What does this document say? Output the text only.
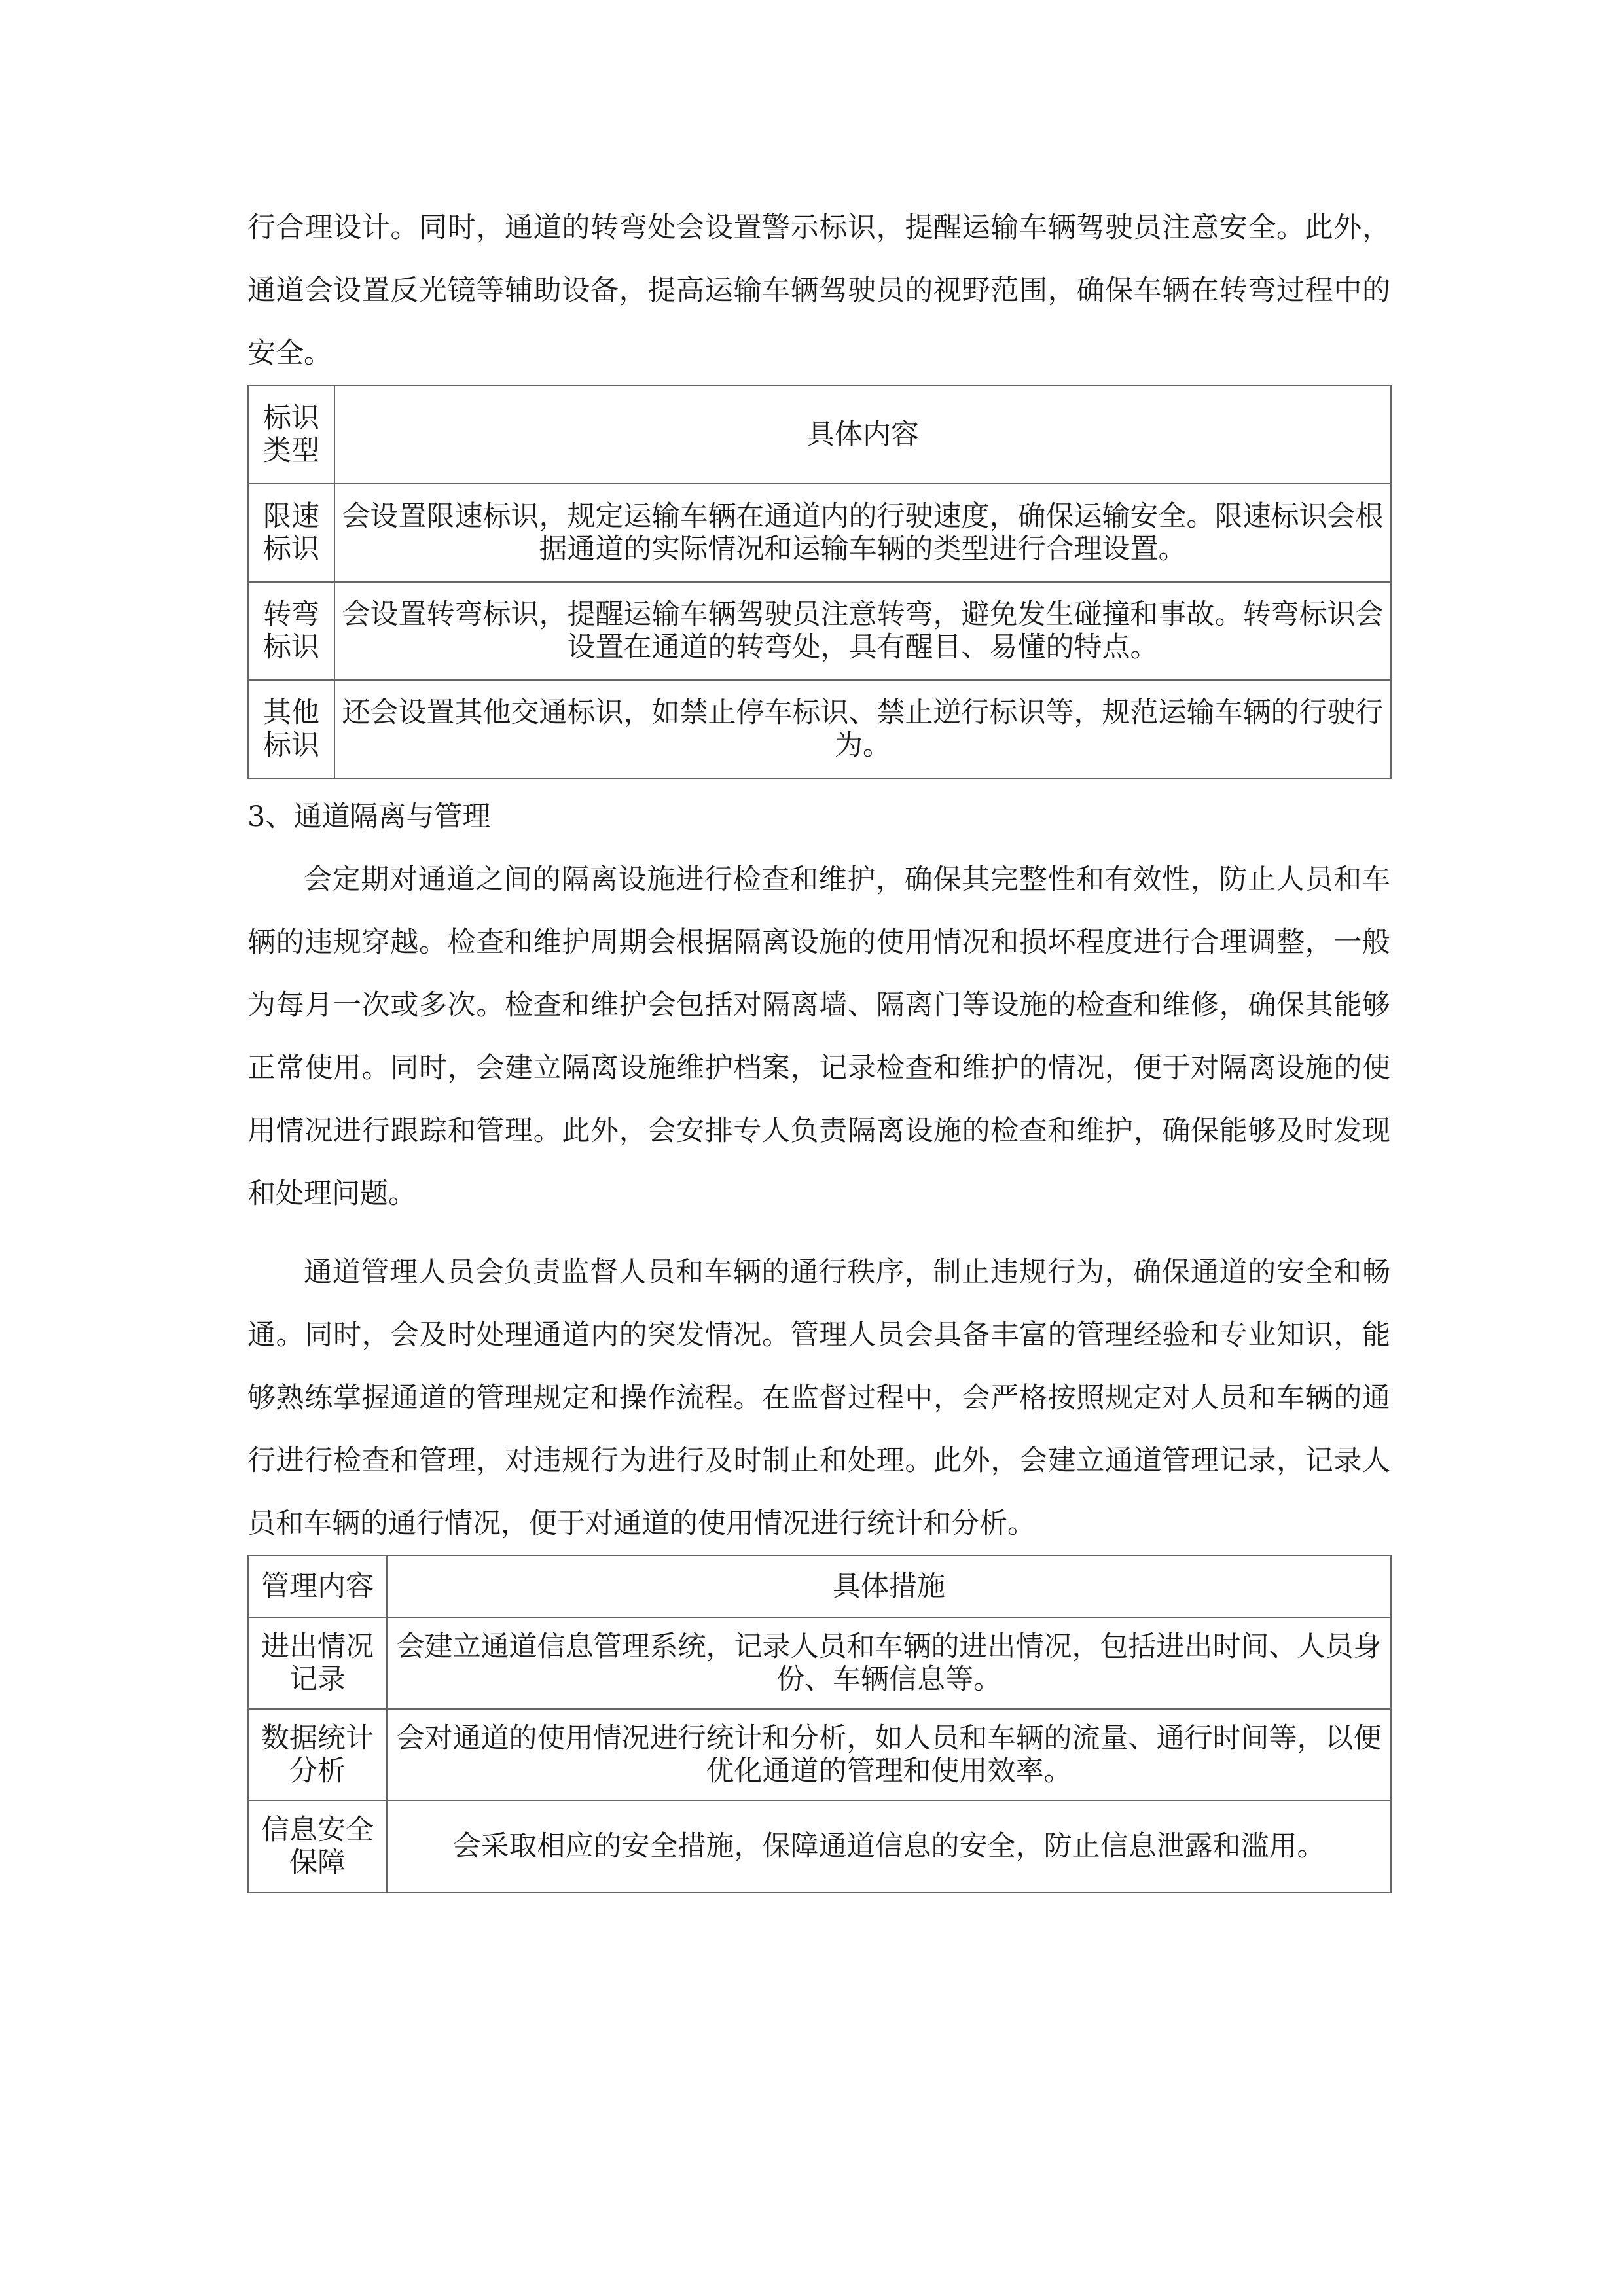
行合理设计。同时，通道的转弯处会设置警示标识，提醒运输车辆驾驶员注意安全。此外，通道会设置反光镜等辅助设备，提高运输车辆驾驶员的视野范围，确保车辆在转弯过程中的安全。

标识类型	具体内容
限速标识	会设置限速标识，规定运输车辆在通道内的行驶速度，确保运输安全。限速标识会根据通道的实际情况和运输车辆的类型进行合理设置。
转弯标识	会设置转弯标识，提醒运输车辆驾驶员注意转弯，避免发生碰撞和事故。转弯标识会设置在通道的转弯处，具有醒目、易懂的特点。
其他标识	还会设置其他交通标识，如禁止停车标识、禁止逆行标识等，规范运输车辆的行驶行为。

3、通道隔离与管理

会定期对通道之间的隔离设施进行检查和维护，确保其完整性和有效性，防止人员和车辆的违规穿越。检查和维护周期会根据隔离设施的使用情况和损坏程度进行合理调整，一般为每月一次或多次。检查和维护会包括对隔离墙、隔离门等设施的检查和维修，确保其能够正常使用。同时，会建立隔离设施维护档案，记录检查和维护的情况，便于对隔离设施的使用情况进行跟踪和管理。此外，会安排专人负责隔离设施的检查和维护，确保能够及时发现和处理问题。

通道管理人员会负责监督人员和车辆的通行秩序，制止违规行为，确保通道的安全和畅通。同时，会及时处理通道内的突发情况。管理人员会具备丰富的管理经验和专业知识，能够熟练掌握通道的管理规定和操作流程。在监督过程中，会严格按照规定对人员和车辆的通行进行检查和管理，对违规行为进行及时制止和处理。此外，会建立通道管理记录，记录人员和车辆的通行情况，便于对通道的使用情况进行统计和分析。

管理内容	具体措施
进出情况记录	会建立通道信息管理系统，记录人员和车辆的进出情况，包括进出时间、人员身份、车辆信息等。
数据统计分析	会对通道的使用情况进行统计和分析，如人员和车辆的流量、通行时间等，以便优化通道的管理和使用效率。
信息安全保障	会采取相应的安全措施，保障通道信息的安全，防止信息泄露和滥用。
